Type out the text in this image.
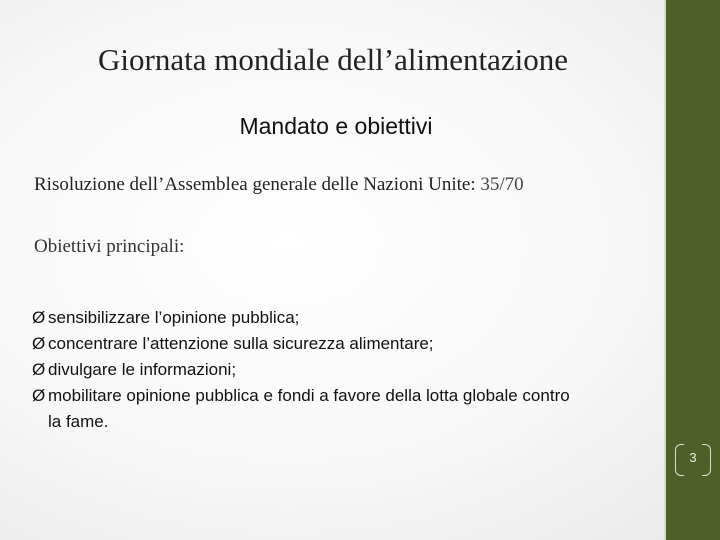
Giornata mondiale dell’alimentazione
Mandato e obiettivi
Risoluzione dell’Assemblea generale delle Nazioni Unite: 35/70
Obiettivi principali:
Ø sensibilizzare l’opinione pubblica;
Ø concentrare l’attenzione sulla sicurezza alimentare;
Ø divulgare le informazioni;
Ø mobilitare opinione pubblica e fondi a favore della lotta globale contro la fame.
3
